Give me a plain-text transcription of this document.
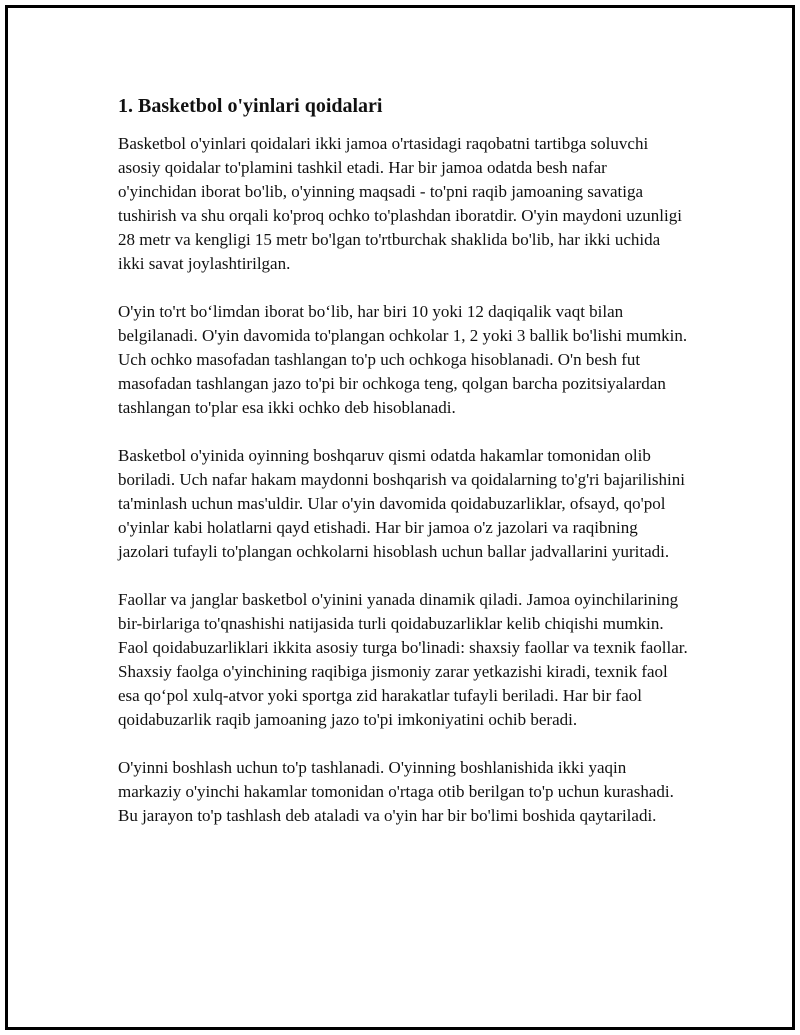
1. Basketbol o'yinlari qoidalari

Basketbol o'yinlari qoidalari ikki jamoa o'rtasidagi raqobatni tartibga soluvchi asosiy qoidalar to'plamini tashkil etadi. Har bir jamoa odatda besh nafar o'yinchidan iborat bo'lib, o'yinning maqsadi - to'pni raqib jamoaning savatiga tushirish va shu orqali ko'proq ochko to'plashdan iboratdir. O'yin maydoni uzunligi 28 metr va kengligi 15 metr bo'lgan to'rtburchak shaklida bo'lib, har ikki uchida ikki savat joylashtirilgan.

O'yin to'rt bo‘limdan iborat bo‘lib, har biri 10 yoki 12 daqiqalik vaqt bilan belgilanadi. O'yin davomida to'plangan ochkolar 1, 2 yoki 3 ballik bo'lishi mumkin. Uch ochko masofadan tashlangan to'p uch ochkoga hisoblanadi. O'n besh fut masofadan tashlangan jazo to'pi bir ochkoga teng, qolgan barcha pozitsiyalardan tashlangan to'plar esa ikki ochko deb hisoblanadi.

Basketbol o'yinida oyinning boshqaruv qismi odatda hakamlar tomonidan olib boriladi. Uch nafar hakam maydonni boshqarish va qoidalarning to'g'ri bajarilishini ta'minlash uchun mas'uldir. Ular o'yin davomida qoidabuzarliklar, ofsayd, qo'pol o'yinlar kabi holatlarni qayd etishadi. Har bir jamoa o'z jazolari va raqibning jazolari tufayli to'plangan ochkolarni hisoblash uchun ballar jadvallarini yuritadi.

Faollar va janglar basketbol o'yinini yanada dinamik qiladi. Jamoa oyinchilarining bir-birlariga to'qnashishi natijasida turli qoidabuzarliklar kelib chiqishi mumkin. Faol qoidabuzarliklari ikkita asosiy turga bo'linadi: shaxsiy faollar va texnik faollar. Shaxsiy faolga o'yinchining raqibiga jismoniy zarar yetkazishi kiradi, texnik faol esa qo‘pol xulq-atvor yoki sportga zid harakatlar tufayli beriladi. Har bir faol qoidabuzarlik raqib jamoaning jazo to'pi imkoniyatini ochib beradi.

O'yinni boshlash uchun to'p tashlanadi. O'yinning boshlanishida ikki yaqin markaziy o'yinchi hakamlar tomonidan o'rtaga otib berilgan to'p uchun kurashadi. Bu jarayon to'p tashlash deb ataladi va o'yin har bir bo'limi boshida qaytariladi.
